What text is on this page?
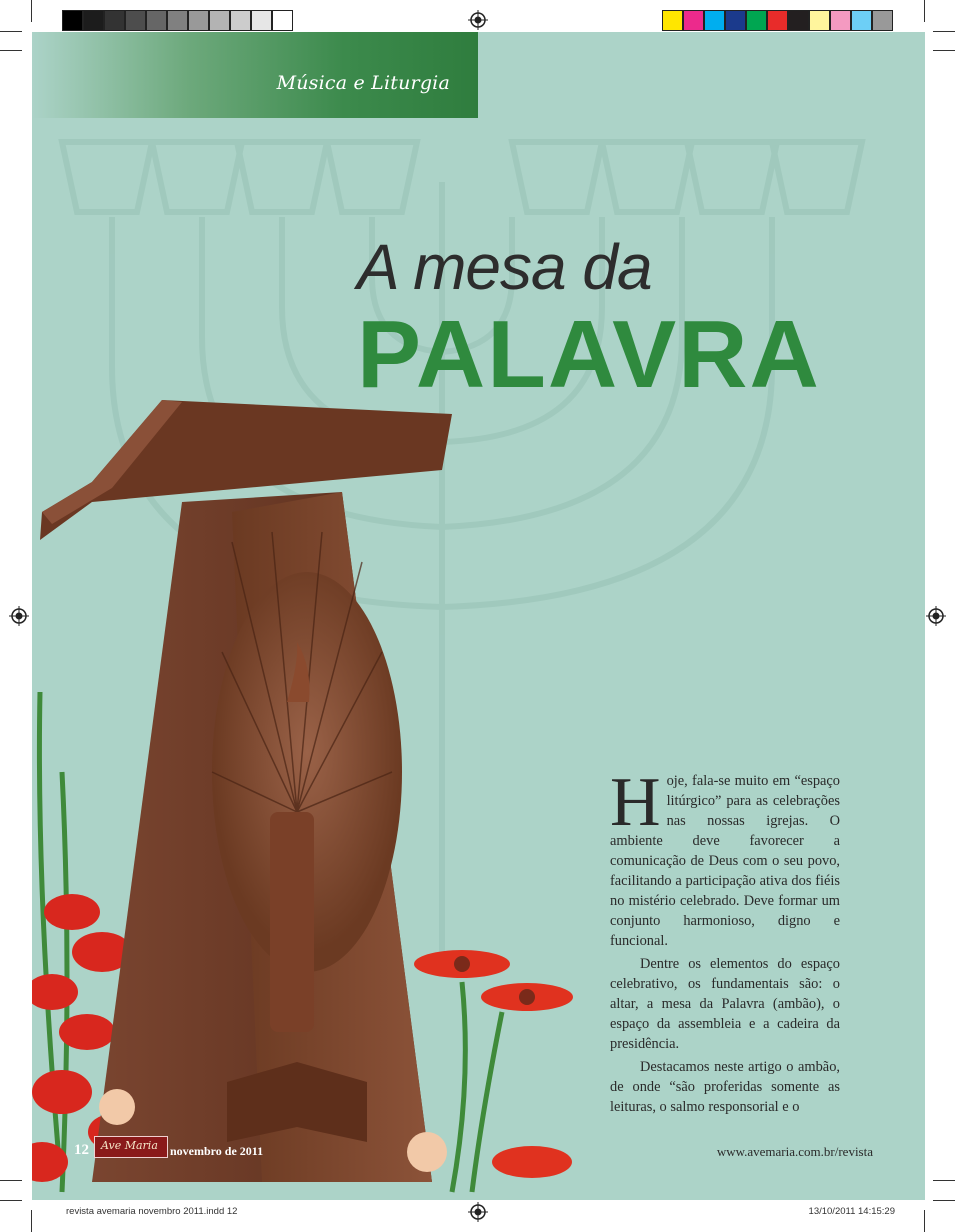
Música e Liturgia
A mesa da
PALAVRA

Hoje, fala-se muito em “espaço litúrgico” para as celebrações nas nossas igrejas. O ambiente deve favorecer a comunicação de Deus com o seu povo, facilitando a participação ativa dos fiéis no mistério celebrado. Deve formar um conjunto harmonioso, digno e funcional.

Dentre os elementos do espaço celebrativo, os fundamentais são: o altar, a mesa da Palavra (ambão), o espaço da assembleia e a cadeira da presidência.

Destacamos neste artigo o ambão, de onde “são proferidas somente as leituras, o salmo responsorial e o

12 Ave Maria novembro de 2011	www.avemaria.com.br/revista
revista avemaria novembro 2011.indd 12	13/10/2011 14:15:29
